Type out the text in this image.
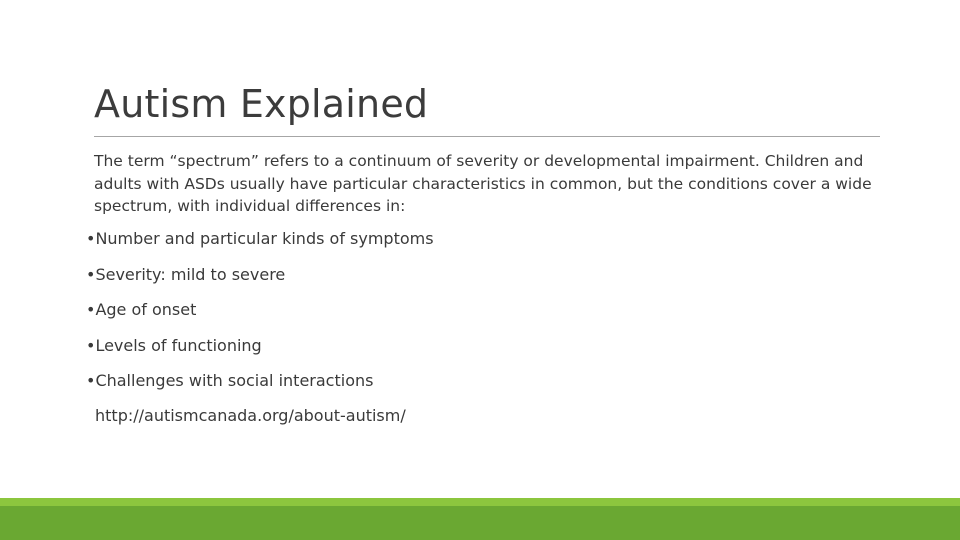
Autism Explained

The term “spectrum” refers to a continuum of severity or developmental impairment. Children and adults with ASDs usually have particular characteristics in common, but the conditions cover a wide spectrum, with individual differences in:

•Number and particular kinds of symptoms
•Severity: mild to severe
•Age of onset
•Levels of functioning
•Challenges with social interactions
http://autismcanada.org/about-autism/
